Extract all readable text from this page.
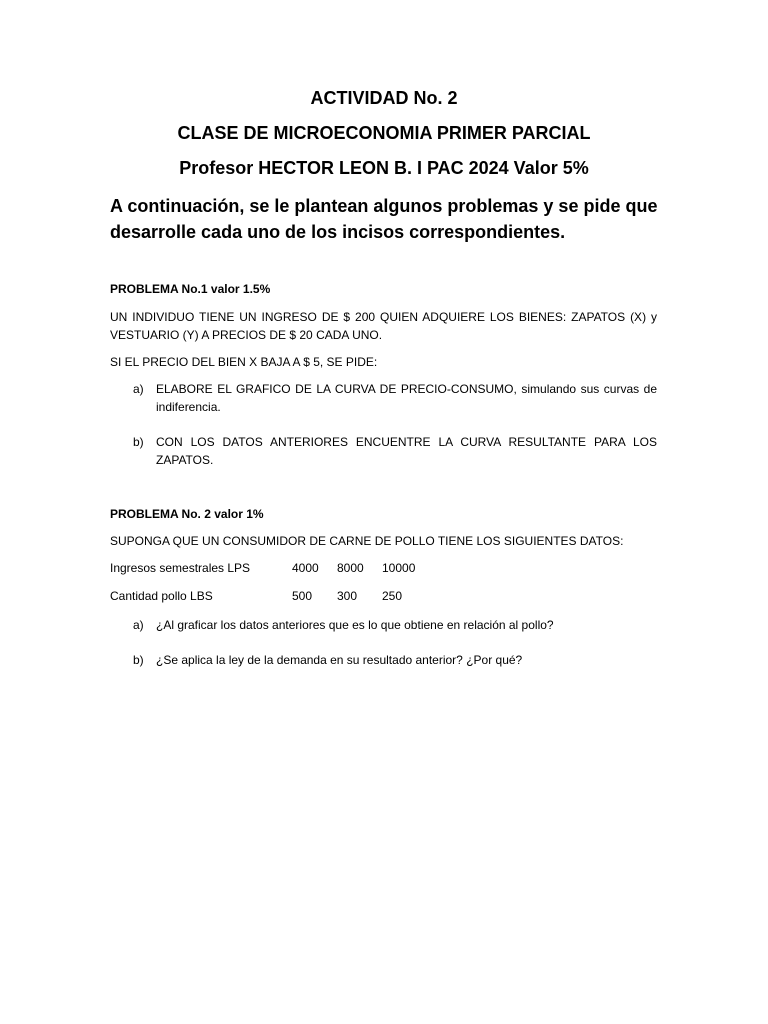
ACTIVIDAD No. 2
CLASE DE MICROECONOMIA PRIMER PARCIAL
Profesor HECTOR LEON B. I PAC 2024 Valor 5%
A continuación, se le plantean algunos problemas y se pide que desarrolle cada uno de los incisos correspondientes.
PROBLEMA No.1 valor 1.5%
UN INDIVIDUO TIENE UN INGRESO DE $ 200 QUIEN ADQUIERE LOS BIENES: ZAPATOS (X) y VESTUARIO (Y) A PRECIOS DE $ 20 CADA UNO.
SI EL PRECIO DEL BIEN X BAJA A $ 5, SE PIDE:
a)	ELABORE EL GRAFICO DE LA CURVA DE PRECIO-CONSUMO, simulando sus curvas de indiferencia.
b)	CON LOS DATOS ANTERIORES ENCUENTRE LA CURVA RESULTANTE PARA LOS ZAPATOS.
PROBLEMA No. 2 valor 1%
SUPONGA QUE UN CONSUMIDOR DE CARNE DE POLLO TIENE LOS SIGUIENTES DATOS:
Ingresos semestrales LPS	4000	8000	10000
Cantidad pollo LBS	500	300	250
a)	¿Al graficar los datos anteriores que es lo que obtiene en relación al pollo?
b)	¿Se aplica la ley de la demanda en su resultado anterior? ¿Por qué?
